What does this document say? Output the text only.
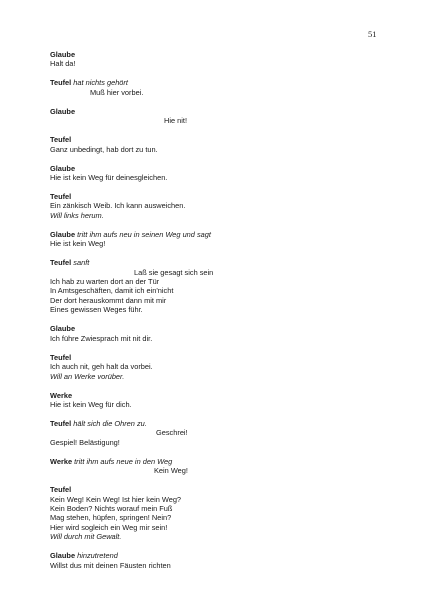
51
Glaube
Halt da!
Teufel hat nichts gehört
Muß hier vorbei.
Glaube
Hie nit!
Teufel
Ganz unbedingt, hab dort zu tun.
Glaube
Hie ist kein Weg für deinesgleichen.
Teufel
Ein zänkisch Weib. Ich kann ausweichen.
Will links herum.
Glaube tritt ihm aufs neu in seinen Weg und sagt
Hie ist kein Weg!
Teufel sanft
Laß sie gesagt sich sein
Ich hab zu warten dort an der Tür
In Amtsgeschäften, damit ich ein'nicht
Der dort herauskommt dann mit mir
Eines gewissen Weges führ.
Glaube
Ich führe Zwiesprach mit nit dir.
Teufel
Ich auch nit, geh halt da vorbei.
Will an Werke vorüber.
Werke
Hie ist kein Weg für dich.
Teufel hält sich die Ohren zu.
Geschrei!
Gespiel! Belästigung!
Werke tritt ihm aufs neue in den Weg
Kein Weg!
Teufel
Kein Weg! Kein Weg! Ist hier kein Weg?
Kein Boden? Nichts worauf mein Fuß
Mag stehen, hüpfen, springen! Nein?
Hier wird sogleich ein Weg mir sein!
Will durch mit Gewalt.
Glaube hinzutretend
Willst dus mit deinen Fäusten richten
